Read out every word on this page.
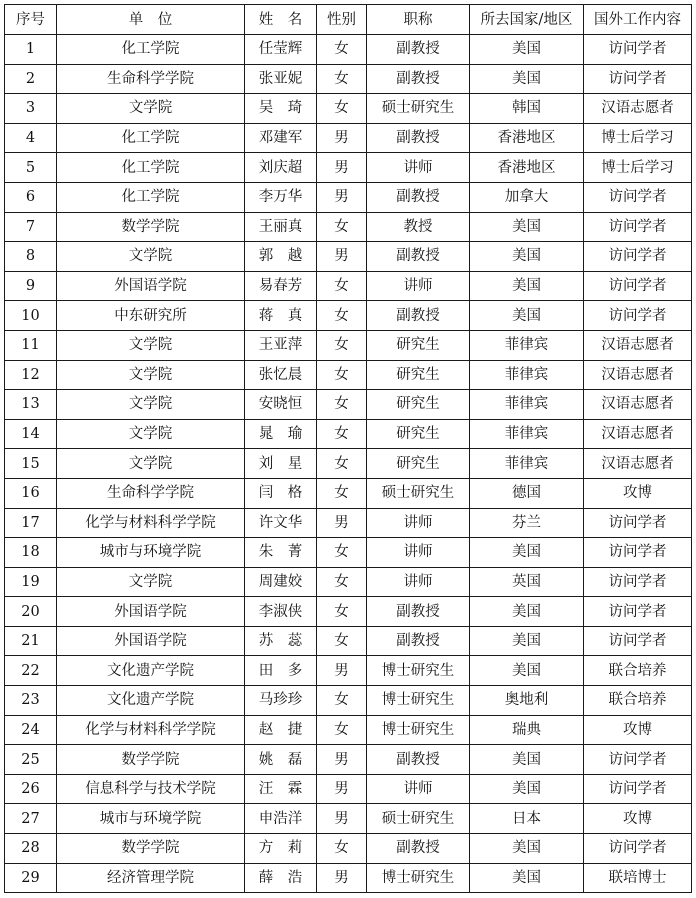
序号	单　位	姓　名	性别	职称	所去国家/地区	国外工作内容
1	化工学院	任莹辉	女	副教授	美国	访问学者
2	生命科学学院	张亚妮	女	副教授	美国	访问学者
3	文学院	吴　琦	女	硕士研究生	韩国	汉语志愿者
4	化工学院	邓建军	男	副教授	香港地区	博士后学习
5	化工学院	刘庆超	男	讲师	香港地区	博士后学习
6	化工学院	李万华	男	副教授	加拿大	访问学者
7	数学学院	王丽真	女	教授	美国	访问学者
8	文学院	郭　越	男	副教授	美国	访问学者
9	外国语学院	易春芳	女	讲师	美国	访问学者
10	中东研究所	蒋　真	女	副教授	美国	访问学者
11	文学院	王亚萍	女	研究生	菲律宾	汉语志愿者
12	文学院	张忆晨	女	研究生	菲律宾	汉语志愿者
13	文学院	安晓恒	女	研究生	菲律宾	汉语志愿者
14	文学院	晁　瑜	女	研究生	菲律宾	汉语志愿者
15	文学院	刘　星	女	研究生	菲律宾	汉语志愿者
16	生命科学学院	闫　格	女	硕士研究生	德国	攻博
17	化学与材料科学学院	许文华	男	讲师	芬兰	访问学者
18	城市与环境学院	朱　菁	女	讲师	美国	访问学者
19	文学院	周建姣	女	讲师	英国	访问学者
20	外国语学院	李淑侠	女	副教授	美国	访问学者
21	外国语学院	苏　蕊	女	副教授	美国	访问学者
22	文化遗产学院	田　多	男	博士研究生	美国	联合培养
23	文化遗产学院	马珍珍	女	博士研究生	奥地利	联合培养
24	化学与材料科学学院	赵　捷	女	博士研究生	瑞典	攻博
25	数学学院	姚　磊	男	副教授	美国	访问学者
26	信息科学与技术学院	汪　霖	男	讲师	美国	访问学者
27	城市与环境学院	申浩洋	男	硕士研究生	日本	攻博
28	数学学院	方　莉	女	副教授	美国	访问学者
29	经济管理学院	薛　浩	男	博士研究生	美国	联培博士
